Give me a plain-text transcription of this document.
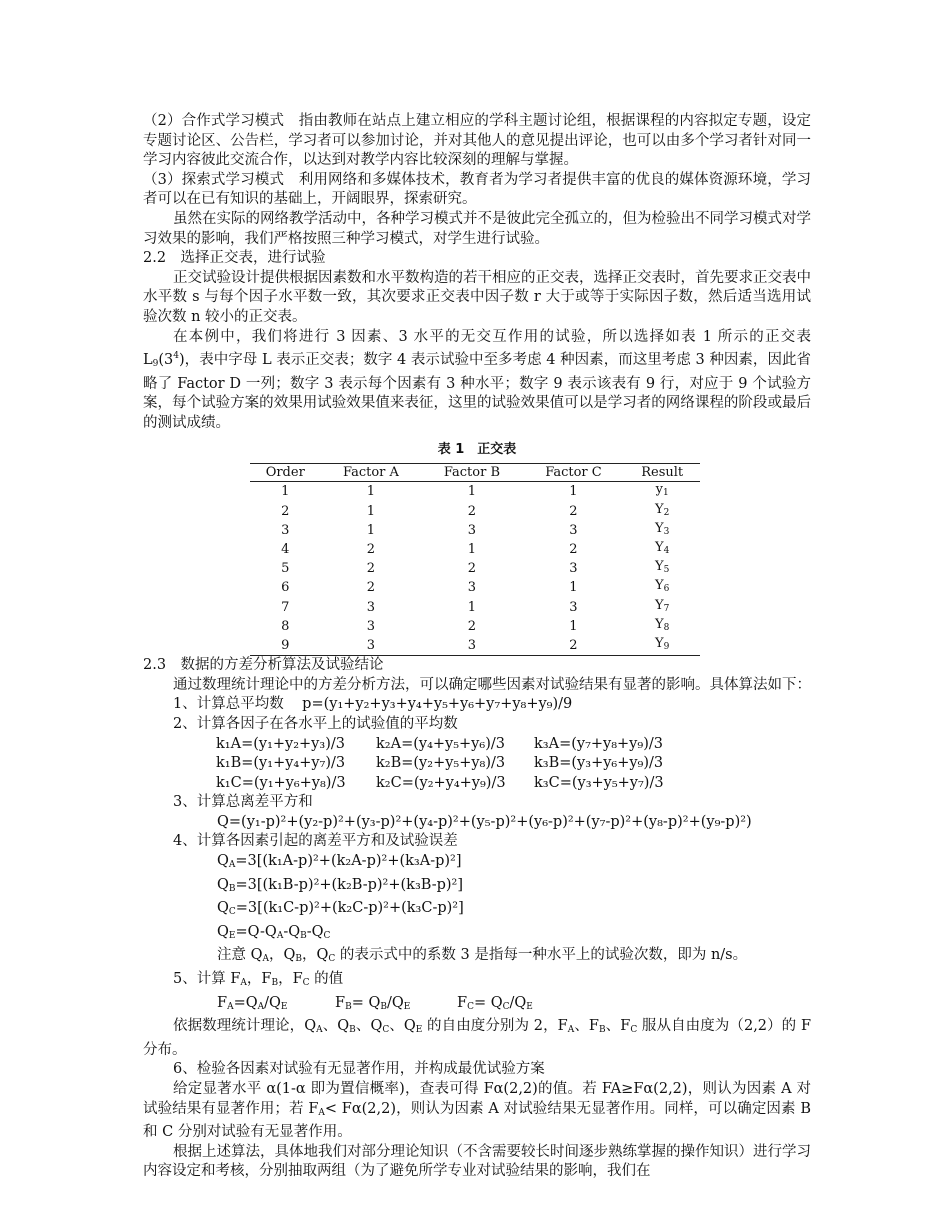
（2）合作式学习模式　指由教师在站点上建立相应的学科主题讨论组，根据课程的内容拟定专题，设定专题讨论区、公告栏，学习者可以参加讨论，并对其他人的意见提出评论，也可以由多个学习者针对同一学习内容彼此交流合作，以达到对教学内容比较深刻的理解与掌握。

（3）探索式学习模式　利用网络和多媒体技术，教育者为学习者提供丰富的优良的媒体资源环境，学习者可以在已有知识的基础上，开阔眼界，探索研究。

虽然在实际的网络教学活动中，各种学习模式并不是彼此完全孤立的，但为检验出不同学习模式对学习效果的影响，我们严格按照三种学习模式，对学生进行试验。

2.2　选择正交表，进行试验

正交试验设计提供根据因素数和水平数构造的若干相应的正交表，选择正交表时，首先要求正交表中水平数 s 与每个因子水平数一致，其次要求正交表中因子数 r 大于或等于实际因子数，然后适当选用试验次数 n 较小的正交表。

在本例中，我们将进行 3 因素、3 水平的无交互作用的试验，所以选择如表 1 所示的正交表 $L_9(3^4)$，表中字母 L 表示正交表；数字 4 表示试验中至多考虑 4 种因素，而这里考虑 3 种因素，因此省略了 Factor D 一列；数字 3 表示每个因素有 3 种水平；数字 9 表示该表有 9 行，对应于 9 个试验方案，每个试验方案的效果用试验效果值来表征，这里的试验效果值可以是学习者的网络课程的阶段或最后的测试成绩。

表 1　正交表
Order	Factor A	Factor B	Factor C	Result
1	1	1	1	$y_1$
2	1	2	2	$Y_2$
3	1	3	3	$Y_3$
4	2	1	2	$Y_4$
5	2	2	3	$Y_5$
6	2	3	1	$Y_6$
7	3	1	3	$Y_7$
8	3	2	1	$Y_8$
9	3	3	2	$Y_9$

2.3　数据的方差分析算法及试验结论

通过数理统计理论中的方差分析方法，可以确定哪些因素对试验结果有显著的影响。具体算法如下：

1、计算总平均数 p=(y₁+y₂+y₃+y₄+y₅+y₆+y₇+y₈+y₉)/9

2、计算各因子在各水平上的试验值的平均数

k₁A=(y₁+y₂+y₃)/3	k₂A=(y₄+y₅+y₆)/3	k₃A=(y₇+y₈+y₉)/3
k₁B=(y₁+y₄+y₇)/3	k₂B=(y₂+y₅+y₈)/3	k₃B=(y₃+y₆+y₉)/3
k₁C=(y₁+y₆+y₈)/3	k₂C=(y₂+y₄+y₉)/3	k₃C=(y₃+y₅+y₇)/3

3、计算总离差平方和

Q=(y₁-p)²+(y₂-p)²+(y₃-p)²+(y₄-p)²+(y₅-p)²+(y₆-p)²+(y₇-p)²+(y₈-p)²+(y₉-p)²)

4、计算各因素引起的离差平方和及试验误差

$Q_A=3[(k_1A-p)^2+(k_2A-p)^2+(k_3A-p)^2]$

$Q_B=3[(k_1B-p)^2+(k_2B-p)^2+(k_3B-p)^2]$

$Q_C=3[(k_1C-p)^2+(k_2C-p)^2+(k_3C-p)^2]$

$Q_E=Q-Q_A-Q_B-Q_C$

注意 $Q_A$，$Q_B$，$Q_C$ 的表示式中的系数 3 是指每一种水平上的试验次数，即为 n/s。

5、计算 $F_A$，$F_B$，$F_C$ 的值

$F_A=Q_A/Q_E$	$F_B= Q_B/Q_E$	$F_C= Q_C/Q_E$

依据数理统计理论，$Q_A$、$Q_B$、$Q_C$、$Q_E$ 的自由度分别为 2，$F_A$、$F_B$、$F_C$ 服从自由度为（2,2）的 F 分布。

6、检验各因素对试验有无显著作用，并构成最优试验方案

给定显著水平 α(1-α 即为置信概率)，查表可得 Fα(2,2)的值。若 FA≥Fα(2,2)，则认为因素 A 对试验结果有显著作用；若 $F_A< F\alpha(2,2)$，则认为因素 A 对试验结果无显著作用。同样，可以确定因素 B 和 C 分别对试验有无显著作用。

根据上述算法，具体地我们对部分理论知识（不含需要较长时间逐步熟练掌握的操作知识）进行学习内容设定和考核，分别抽取两组（为了避免所学专业对试验结果的影响，我们在
